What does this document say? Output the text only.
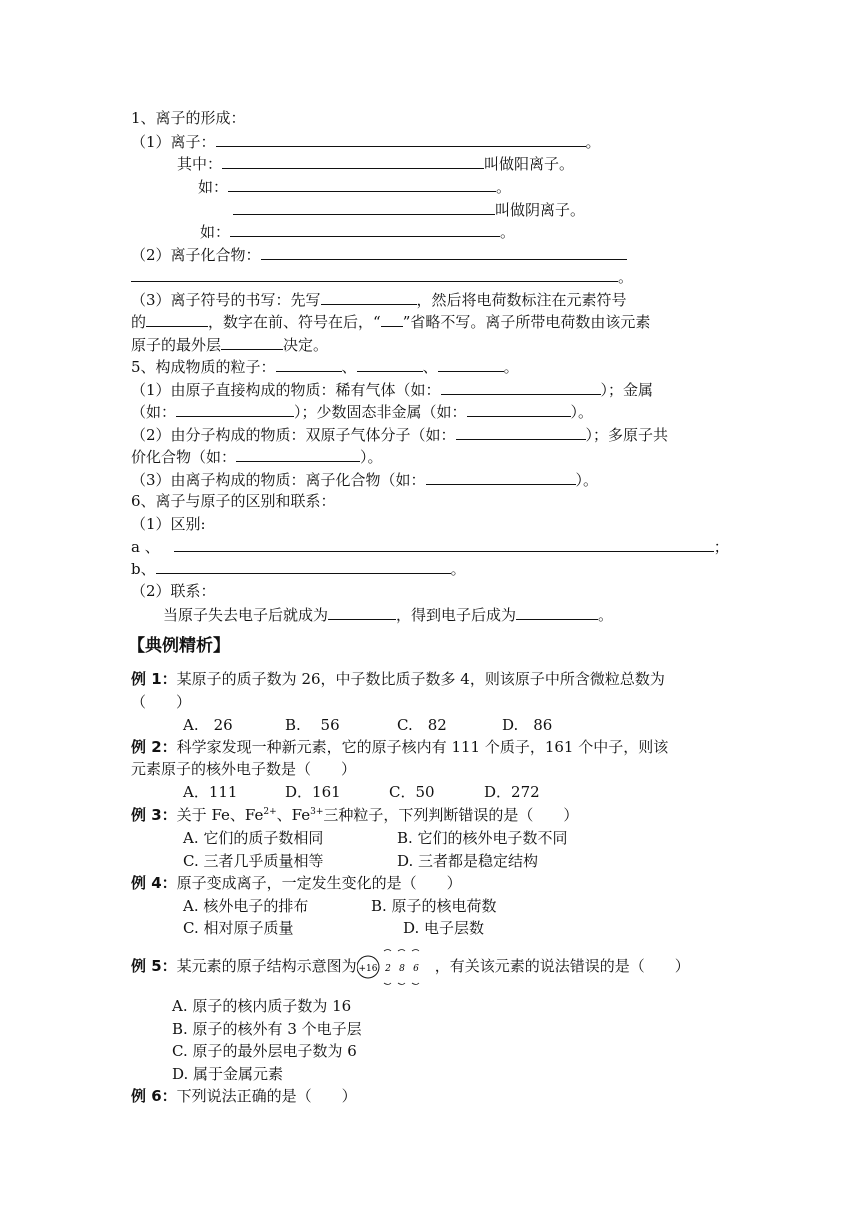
1、离子的形成：
（1）离子：	。
其中：	叫做阳离子。
如：	。
叫做阴离子。
如：	。
（2）离子化合物：
。
（3）离子符号的书写：先写	，然后将电荷数标注在元素符号
的	，数字在前、符号在后，“ ”省略不写。离子所带电荷数由该元素
原子的最外层	决定。
5、构成物质的粒子：	、	、	。
（1）由原子直接构成的物质：稀有气体（如：	）；金属
（如：	）；少数固态非金属（如：	）。
（2）由分子构成的物质：双原子气体分子（如：	）；多原子共
价化合物（如：	）。
（3）由离子构成的物质：离子化合物（如：	）。
6、离子与原子的区别和联系：
（1）区别:
a 、	；
b、	。
（2）联系：
当原子失去电子后就成为	，得到电子后成为	。
【典例精析】
例 1：某原子的质子数为 26，中子数比质子数多 4，则该原子中所含微粒总数为
（　　）
A.　26	B.　 56	C.　82	D.　86
例 2：科学家发现一种新元素，它的原子核内有 111 个质子，161 个中子，则该
元素原子的核外电子数是（　　）
A．111	D．161	C．50	D．272
例 3：关于 Fe、$Fe^{2+}$、$Fe^{3+}$三种粒子，下列判断错误的是（　　）
A. 它们的质子数相同	B. 它们的核外电子数不同
C. 三者几乎质量相等	D. 三者都是稳定结构
例 4：原子变成离子，一定发生变化的是（　　）
A. 核外电子的排布	B. 原子的核电荷数
C. 相对原子质量	D. 电子层数
例 5：某元素的原子结构示意图为 +16 2 8 6 ，有关该元素的说法错误的是（　　）
A. 原子的核内质子数为 16
B. 原子的核外有 3 个电子层
C. 原子的最外层电子数为 6
D. 属于金属元素
例 6：下列说法正确的是（　　）
